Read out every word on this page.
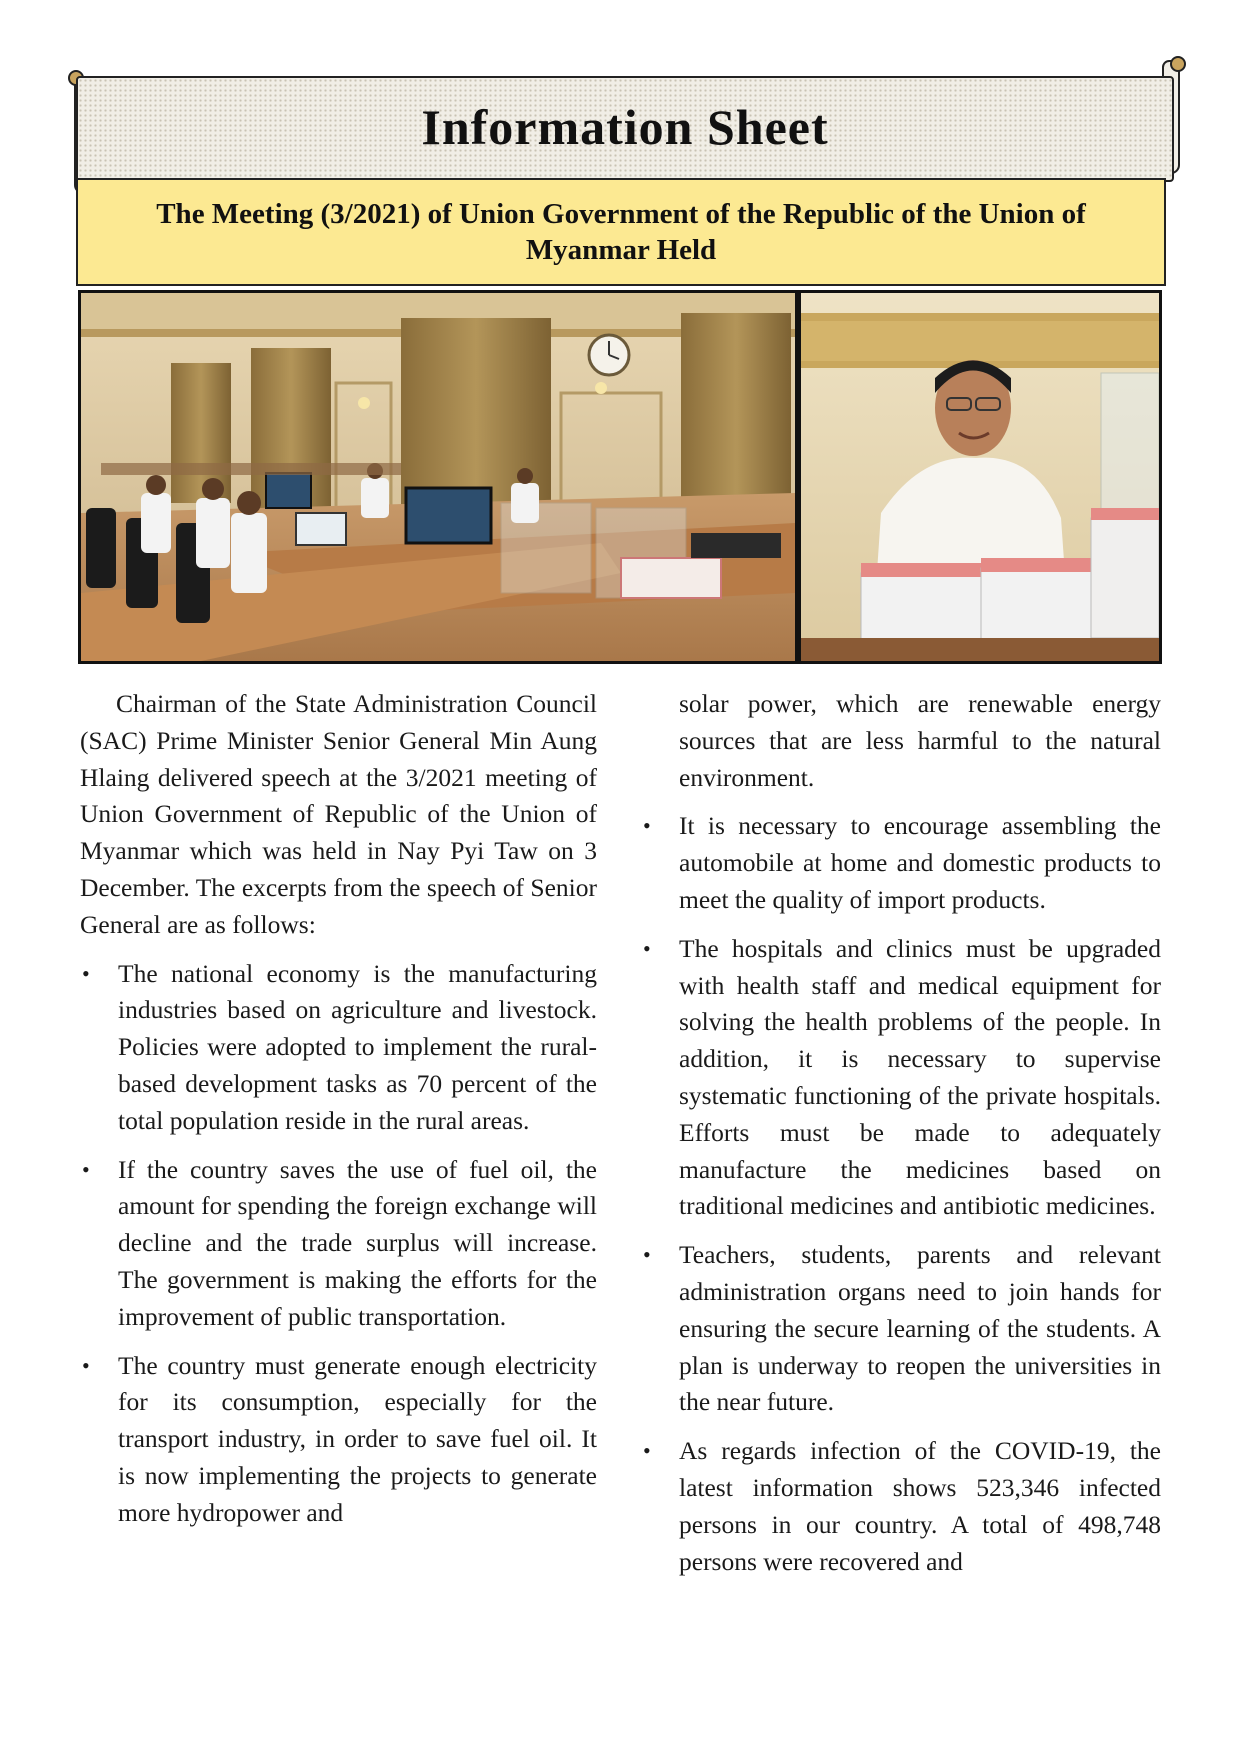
Information Sheet
The Meeting (3/2021) of Union Government of the Republic of the Union of Myanmar Held

Chairman of the State Administration Council (SAC) Prime Minister Senior General Min Aung Hlaing delivered speech at the 3/2021 meeting of Union Government of Republic of the Union of Myanmar which was held in Nay Pyi Taw on 3 December. The excerpts from the speech of Senior General are as follows:

• The national economy is the manufacturing industries based on agriculture and livestock. Policies were adopted to implement the rural-based development tasks as 70 percent of the total population reside in the rural areas.
• If the country saves the use of fuel oil, the amount for spending the foreign exchange will decline and the trade surplus will increase. The government is making the efforts for the improvement of public transportation.
• The country must generate enough electricity for its consumption, especially for the transport industry, in order to save fuel oil. It is now implementing the projects to generate more hydropower and

solar power, which are renewable energy sources that are less harmful to the natural environment.

• It is necessary to encourage assembling the automobile at home and domestic products to meet the quality of import products.
• The hospitals and clinics must be upgraded with health staff and medical equipment for solving the health problems of the people. In addition, it is necessary to supervise systematic functioning of the private hospitals. Efforts must be made to adequately manufacture the medicines based on traditional medicines and antibiotic medicines.
• Teachers, students, parents and relevant administration organs need to join hands for ensuring the secure learning of the students. A plan is underway to reopen the universities in the near future.
• As regards infection of the COVID-19, the latest information shows 523,346 infected persons in our country. A total of 498,748 persons were recovered and
